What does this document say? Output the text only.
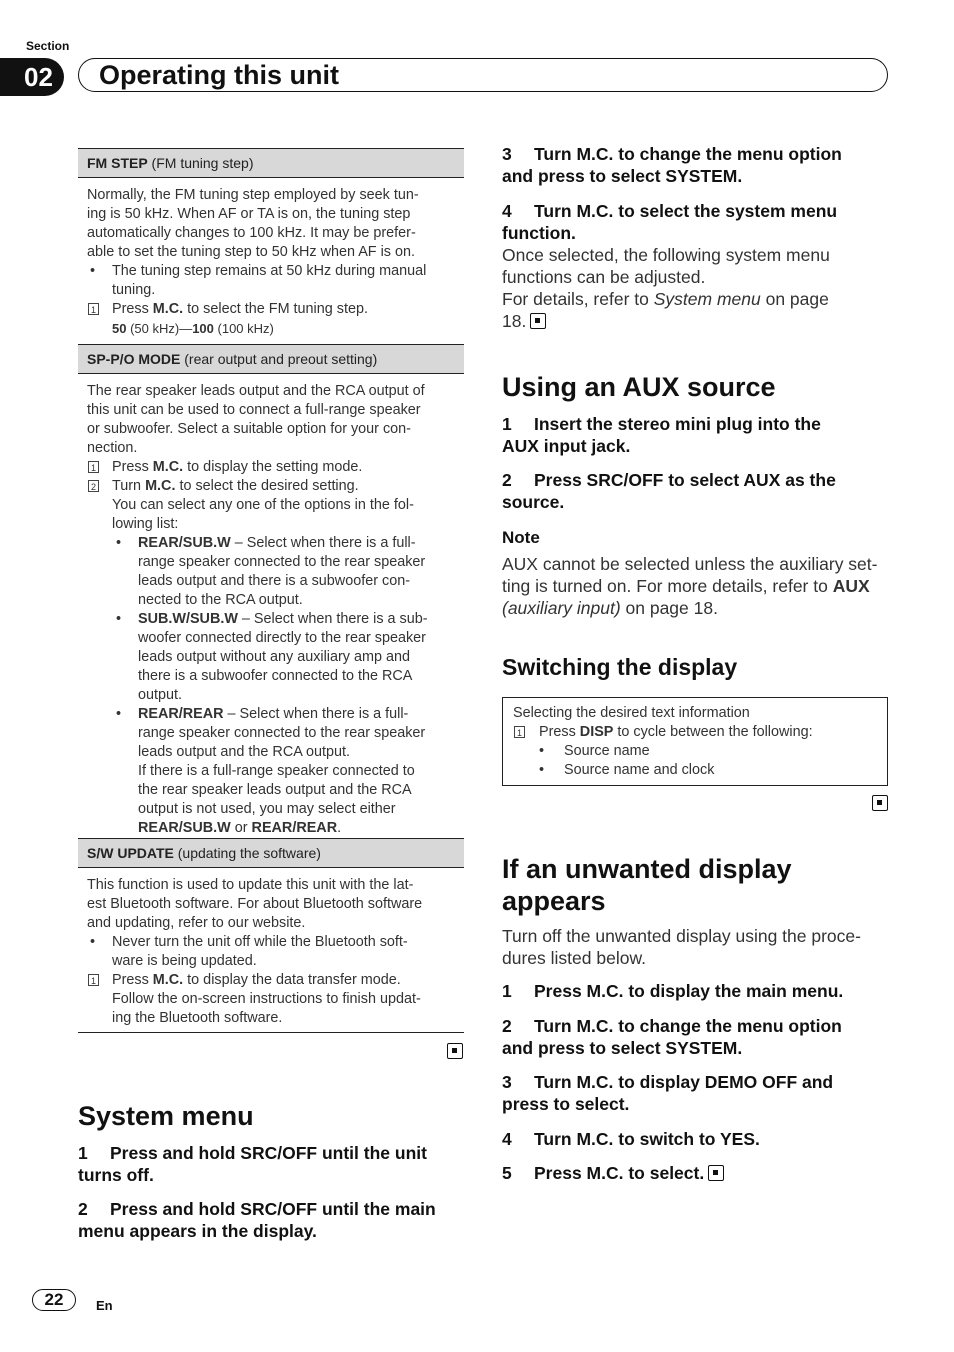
Section
02	Operating this unit
FM STEP (FM tuning step)

Normally, the FM tuning step employed by seek tun-

ing is 50 kHz. When AF or TA is on, the tuning step

automatically changes to 100 kHz. It may be prefer-

able to set the tuning step to 50 kHz when AF is on.

• The tuning step remains at 50 kHz during manual

tuning.

1 Press M.C. to select the FM tuning step.

50 (50 kHz)—100 (100 kHz)

SP-P/O MODE (rear output and preout setting)

The rear speaker leads output and the RCA output of

this unit can be used to connect a full-range speaker

or subwoofer. Select a suitable option for your con-

nection.

1 Press M.C. to display the setting mode.

2 Turn M.C. to select the desired setting.

You can select any one of the options in the fol-

lowing list:

• REAR/SUB.W – Select when there is a full-

range speaker connected to the rear speaker

leads output and there is a subwoofer con-

nected to the RCA output.

• SUB.W/SUB.W – Select when there is a sub-

woofer connected directly to the rear speaker

leads output without any auxiliary amp and

there is a subwoofer connected to the RCA

output.

• REAR/REAR – Select when there is a full-

range speaker connected to the rear speaker

leads output and the RCA output.

If there is a full-range speaker connected to

the rear speaker leads output and the RCA

output is not used, you may select either

REAR/SUB.W or REAR/REAR.

S/W UPDATE (updating the software)

This function is used to update this unit with the lat-

est Bluetooth software. For about Bluetooth software

and updating, refer to our website.

• Never turn the unit off while the Bluetooth soft-

ware is being updated.

1 Press M.C. to display the data transfer mode.

Follow the on-screen instructions to finish updat-

ing the Bluetooth software.

System menu
1 Press and hold SRC/OFF until the unit
turns off.
2 Press and hold SRC/OFF until the main
menu appears in the display.
3 Turn M.C. to change the menu option
and press to select SYSTEM.
4 Turn M.C. to select the system menu
function.
Once selected, the following system menu
functions can be adjusted.
For details, refer to System menu on page
18.
Using an AUX source
1 Insert the stereo mini plug into the
AUX input jack.
2 Press SRC/OFF to select AUX as the
source.
Note
AUX cannot be selected unless the auxiliary set-
ting is turned on. For more details, refer to AUX
(auxiliary input) on page 18.
Switching the display
Selecting the desired text information
1 Press DISP to cycle between the following:
• Source name
• Source name and clock
If an unwanted display
appears
Turn off the unwanted display using the proce-
dures listed below.
1 Press M.C. to display the main menu.
2 Turn M.C. to change the menu option
and press to select SYSTEM.
3 Turn M.C. to display DEMO OFF and
press to select.
4 Turn M.C. to switch to YES.
5 Press M.C. to select.
22	En
